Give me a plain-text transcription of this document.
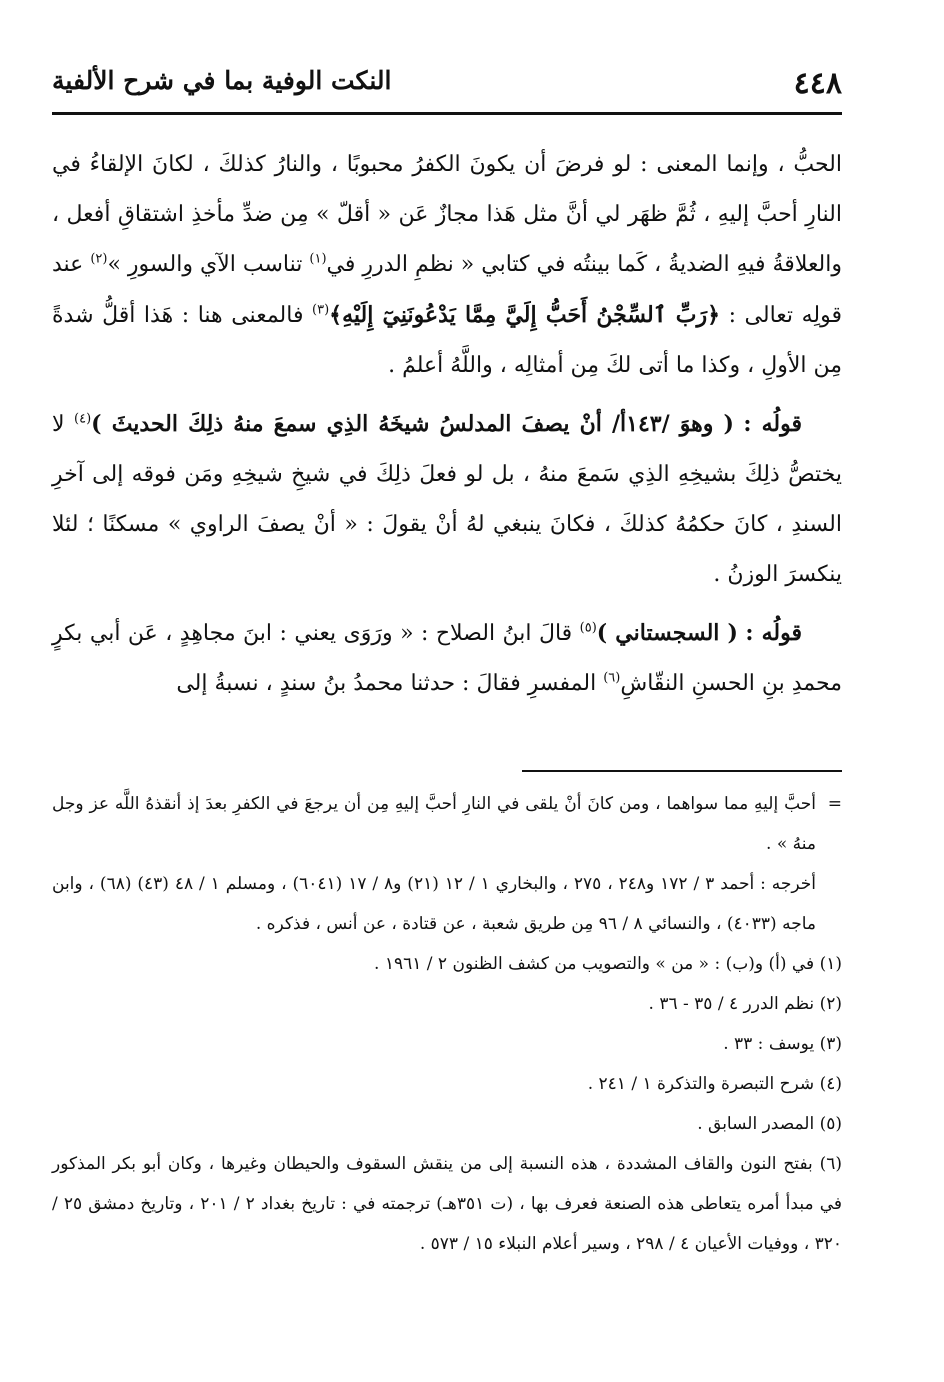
٤٤٨
النكت الوفية بما في شرح الألفية

الحبُّ ، وإنما المعنى : لو فرضَ أن يكونَ الكفرُ محبوبًا ، والنارُ كذلكَ ، لكانَ الإلقاءُ في النارِ أحبَّ إليهِ ، ثُمَّ ظهَر لي أنَّ مثل هَذا مجازٌ عَن « أقلّ » مِن ضدِّ مأخذِ اشتقاقِ أفعل ، والعلاقةُ فيهِ الضديةُ ، كَما بينتُه في كتابي « نظمِ الدررِ في$^{(١)}$ تناسب الآي والسورِ »$^{(٢)}$ عند قولِه تعالى : ﴿رَبِّ ٱلسِّجْنُ أَحَبُّ إِلَيَّ مِمَّا يَدْعُونَنِيٓ إِلَيْهِ﴾$^{(٣)}$ فالمعنى هنا : هَذا أقلُّ شدةً مِن الأولِ ، وكذا ما أتى لكَ مِن أمثالِه ، واللَّهُ أعلمُ .

قولُه : ( وهوَ /١٤٣أ/ أنْ يصفَ المدلسُ شيخَهُ الذِي سمعَ منهُ ذلِكَ الحديثَ )$^{(٤)}$ لا يختصُّ ذلِكَ بشيخِهِ الذِي سَمعَ منهُ ، بل لو فعلَ ذلِكَ في شيخِ شيخِهِ ومَن فوقه إلى آخرِ السندِ ، كانَ حكمُهُ كذلكَ ، فكانَ ينبغي لهُ أنْ يقولَ : « أنْ يصفَ الراوي » مسكنًا ؛ لئلا ينكسرَ الوزنُ .

قولُه : ( السجستاني )$^{(٥)}$ قالَ ابنُ الصلاح : « ورَوَى يعني : ابنَ مجاهِدٍ ، عَن أبي بكرٍ محمدِ بنِ الحسنِ النقّاشِ$^{(٦)}$ المفسرِ فقالَ : حدثنا محمدُ بنُ سندٍ ، نسبةُ إلى

=
أحبَّ إليهِ مما سواهما ، ومن كانَ أنْ يلقى في النارِ أحبَّ إليهِ مِن أن يرجعَ في الكفرِ بعدَ إذ أنقذهُ اللَّه عز وجل منهُ » .

أخرجه : أحمد ٣ / ١٧٢ و٢٤٨ ، ٢٧٥ ، والبخاري ١ / ١٢ (٢١) و٨ / ١٧ (٦٠٤١) ، ومسلم ١ / ٤٨ (٤٣) (٦٨) ، وابن ماجه (٤٠٣٣) ، والنسائي ٨ / ٩٦ مِن طريق شعبة ، عن قتادة ، عن أنس ، فذكره .

(١) في (أ) و(ب) : « من » والتصويب من كشف الظنون ٢ / ١٩٦١ .

(٢) نظم الدرر ٤ / ٣٥ - ٣٦ .

(٣) يوسف : ٣٣ .

(٤) شرح التبصرة والتذكرة ١ / ٢٤١ .

(٥) المصدر السابق .

(٦) بفتح النون والقاف المشددة ، هذه النسبة إلى من ينقش السقوف والحيطان وغيرها ، وكان أبو بكر المذكور في مبدأ أمره يتعاطى هذه الصنعة فعرف بها ، (ت ٣٥١هـ) ترجمته في : تاريخ بغداد ٢ / ٢٠١ ، وتاريخ دمشق ٢٥ / ٣٢٠ ، ووفيات الأعيان ٤ / ٢٩٨ ، وسير أعلام النبلاء ١٥ / ٥٧٣ .
